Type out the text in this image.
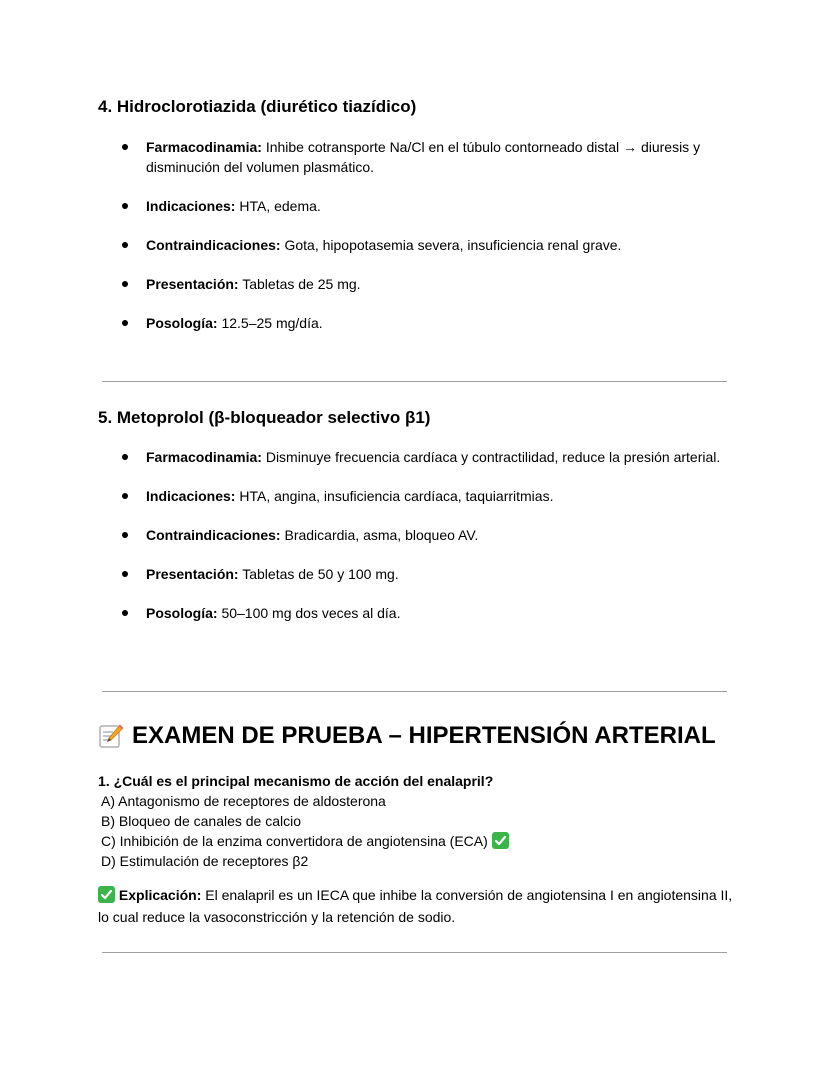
4. Hidroclorotiazida (diurético tiazídico)
Farmacodinamia: Inhibe cotransporte Na/Cl en el túbulo contorneado distal → diuresis y disminución del volumen plasmático.
Indicaciones: HTA, edema.
Contraindicaciones: Gota, hipopotasemia severa, insuficiencia renal grave.
Presentación: Tabletas de 25 mg.
Posología: 12.5–25 mg/día.
5. Metoprolol (β-bloqueador selectivo β1)
Farmacodinamia: Disminuye frecuencia cardíaca y contractilidad, reduce la presión arterial.
Indicaciones: HTA, angina, insuficiencia cardíaca, taquiarritmias.
Contraindicaciones: Bradicardia, asma, bloqueo AV.
Presentación: Tabletas de 50 y 100 mg.
Posología: 50–100 mg dos veces al día.
EXAMEN DE PRUEBA – HIPERTENSIÓN ARTERIAL
1. ¿Cuál es el principal mecanismo de acción del enalapril?
A) Antagonismo de receptores de aldosterona
B) Bloqueo de canales de calcio
C) Inhibición de la enzima convertidora de angiotensina (ECA)
D) Estimulación de receptores β2
Explicación: El enalapril es un IECA que inhibe la conversión de angiotensina I en angiotensina II, lo cual reduce la vasoconstricción y la retención de sodio.
